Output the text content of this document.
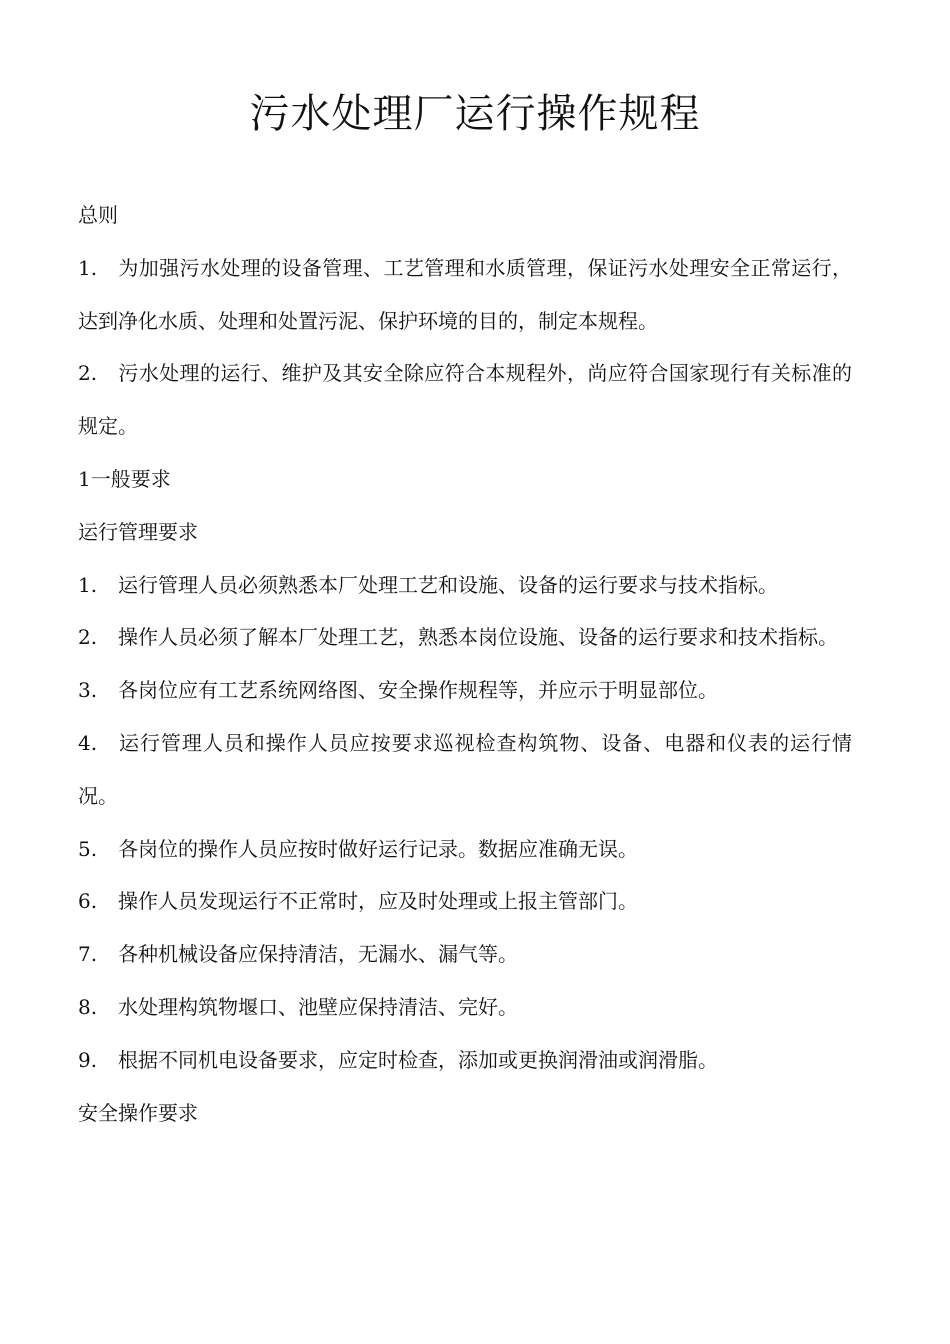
污水处理厂运行操作规程

总则

1. 为加强污水处理的设备管理、工艺管理和水质管理，保证污水处理安全正常运行，达到净化水质、处理和处置污泥、保护环境的目的，制定本规程。

2. 污水处理的运行、维护及其安全除应符合本规程外，尚应符合国家现行有关标准的规定。

1一般要求

运行管理要求

1. 运行管理人员必须熟悉本厂处理工艺和设施、设备的运行要求与技术指标。

2. 操作人员必须了解本厂处理工艺，熟悉本岗位设施、设备的运行要求和技术指标。

3. 各岗位应有工艺系统网络图、安全操作规程等，并应示于明显部位。

4. 运行管理人员和操作人员应按要求巡视检查构筑物、设备、电器和仪表的运行情况。

5. 各岗位的操作人员应按时做好运行记录。数据应准确无误。

6. 操作人员发现运行不正常时，应及时处理或上报主管部门。

7. 各种机械设备应保持清洁，无漏水、漏气等。

8. 水处理构筑物堰口、池壁应保持清洁、完好。

9. 根据不同机电设备要求，应定时检查，添加或更换润滑油或润滑脂。

安全操作要求
